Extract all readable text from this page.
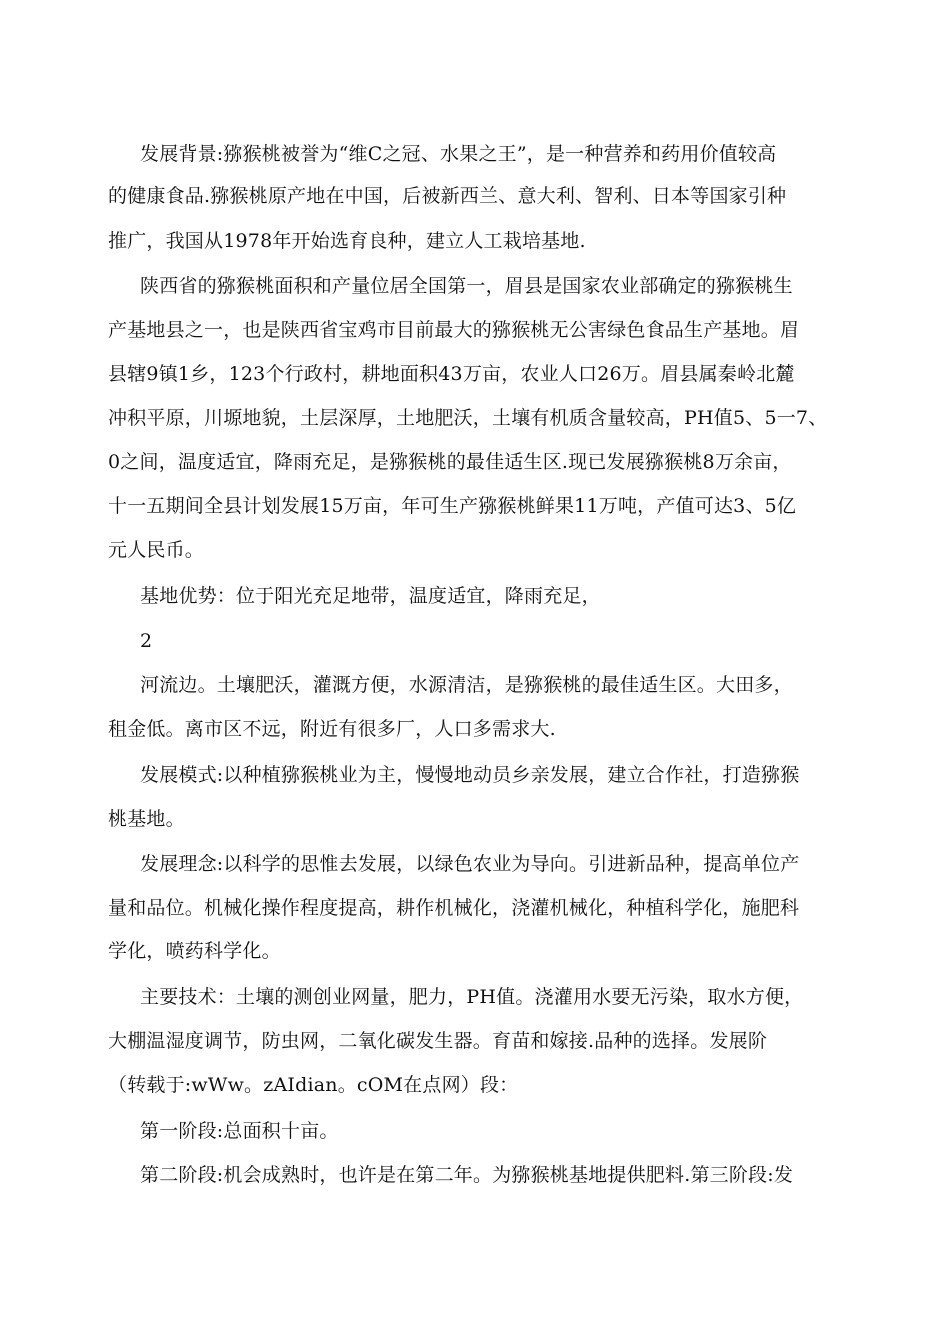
发展背景:猕猴桃被誉为“维C之冠、水果之王”，是一种营养和药用价值较高
的健康食品.猕猴桃原产地在中国，后被新西兰、意大利、智利、日本等国家引种
推广，我国从1978年开始选育良种，建立人工栽培基地.
陕西省的猕猴桃面积和产量位居全国第一，眉县是国家农业部确定的猕猴桃生
产基地县之一，也是陕西省宝鸡市目前最大的猕猴桃无公害绿色食品生产基地。眉
县辖9镇1乡，123个行政村，耕地面积43万亩，农业人口26万。眉县属秦岭北麓
冲积平原，川塬地貌，土层深厚，土地肥沃，土壤有机质含量较高，PH值5、5一7、
0之间，温度适宜，降雨充足，是猕猴桃的最佳适生区.现已发展猕猴桃8万余亩，
十一五期间全县计划发展15万亩，年可生产猕猴桃鲜果11万吨，产值可达3、5亿
元人民币。
基地优势：位于阳光充足地带，温度适宜，降雨充足，
2
河流边。土壤肥沃，灌溉方便，水源清洁，是猕猴桃的最佳适生区。大田多，
租金低。离市区不远，附近有很多厂，人口多需求大.
发展模式:以种植猕猴桃业为主，慢慢地动员乡亲发展，建立合作社，打造猕猴
桃基地。
发展理念:以科学的思惟去发展，以绿色农业为导向。引进新品种，提高单位产
量和品位。机械化操作程度提高，耕作机械化，浇灌机械化，种植科学化，施肥科
学化，喷药科学化。
主要技术：土壤的测创业网量，肥力，PH值。浇灌用水要无污染，取水方便，
大棚温湿度调节，防虫网，二氧化碳发生器。育苗和嫁接.品种的选择。发展阶
（转载于:wWw。zAIdian。cOM在点网）段：
第一阶段:总面积十亩。
第二阶段:机会成熟时，也许是在第二年。为猕猴桃基地提供肥料.第三阶段:发
